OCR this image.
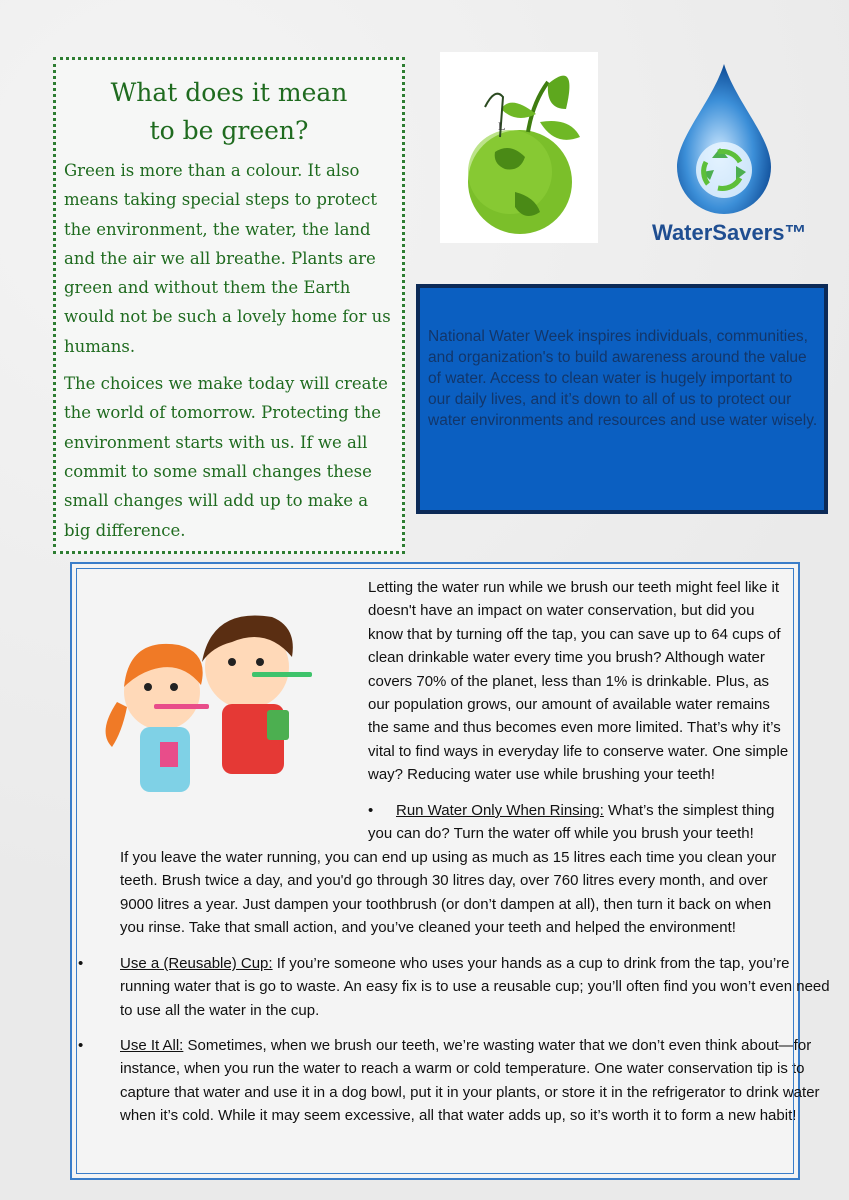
What does it mean
to be green?

Green is more than a colour. It also means taking special steps to protect the environment, the water, the land and the air we all breathe. Plants are green and without them the Earth would not be such a lovely home for us humans.

The choices we make today will create the world of tomorrow. Protecting the environment starts with us. If we all commit to some small changes these small changes will add up to make a big difference.

L
WaterSavers™

National Water Week inspires individuals, communities, and organization's to build awareness around the value of water. Access to clean water is hugely important to our daily lives, and it’s down to all of us to protect our water environments and resources and use water wisely.

Letting the water run while we brush our teeth might feel like it doesn't have an impact on water conservation, but did you know that by turning off the tap, you can save up to 64 cups of clean drinkable water every time you brush? Although water covers 70% of the planet, less than 1% is drinkable. Plus, as our population grows, our amount of available water remains the same and thus becomes even more limited. That’s why it’s vital to find ways in everyday life to conserve water. One simple way? Reducing water use while brushing your teeth!

• Run Water Only When Rinsing: What’s the simplest thing you can do? Turn the water off while you brush your teeth!
If you leave the water running, you can end up using as much as 15 litres each time you clean your teeth. Brush twice a day, and you'd go through 30 litres day, over 760 litres every month, and over 9000 litres a year. Just dampen your toothbrush (or don’t dampen at all), then turn it back on when you rinse. Take that small action, and you’ve cleaned your teeth and helped the environment!

• Use a (Reusable) Cup: If you’re someone who uses your hands as a cup to drink from the tap, you’re running water that is go to waste. An easy fix is to use a reusable cup; you’ll often find you won’t even need to use all the water in the cup.

• Use It All: Sometimes, when we brush our teeth, we’re wasting water that we don’t even think about—for instance, when you run the water to reach a warm or cold temperature. One water conservation tip is to capture that water and use it in a dog bowl, put it in your plants, or store it in the refrigerator to drink water when it’s cold. While it may seem excessive, all that water adds up, so it’s worth it to form a new habit!
